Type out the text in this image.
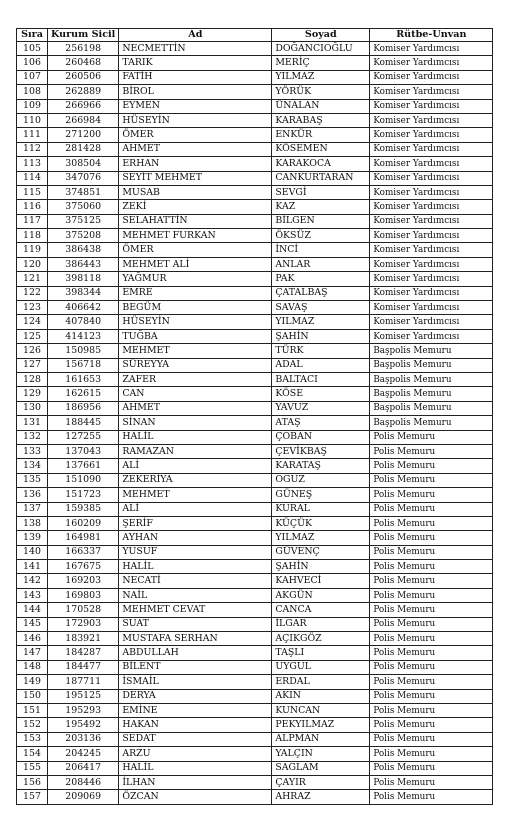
Sıra	Kurum Sicil	Ad	Soyad	Rütbe-Unvan
105	256198	NECMETTİN	DOĞANCIOĞLU	Komiser Yardımcısı
106	260468	TARIK	MERİÇ	Komiser Yardımcısı
107	260506	FATİH	YILMAZ	Komiser Yardımcısı
108	262889	BİROL	YÖRÜK	Komiser Yardımcısı
109	266966	EYMEN	ÜNALAN	Komiser Yardımcısı
110	266984	HÜSEYİN	KARABAŞ	Komiser Yardımcısı
111	271200	ÖMER	ENKÜR	Komiser Yardımcısı
112	281428	AHMET	KÖSEMEN	Komiser Yardımcısı
113	308504	ERHAN	KARAKOCA	Komiser Yardımcısı
114	347076	SEYİT MEHMET	CANKURTARAN	Komiser Yardımcısı
115	374851	MUSAB	SEVGİ	Komiser Yardımcısı
116	375060	ZEKİ	KAZ	Komiser Yardımcısı
117	375125	SELAHATTİN	BİLGEN	Komiser Yardımcısı
118	375208	MEHMET FURKAN	ÖKSÜZ	Komiser Yardımcısı
119	386438	ÖMER	İNCİ	Komiser Yardımcısı
120	386443	MEHMET ALİ	ANLAR	Komiser Yardımcısı
121	398118	YAĞMUR	PAK	Komiser Yardımcısı
122	398344	EMRE	ÇATALBAŞ	Komiser Yardımcısı
123	406642	BEGÜM	SAVAŞ	Komiser Yardımcısı
124	407840	HÜSEYİN	YILMAZ	Komiser Yardımcısı
125	414123	TUĞBA	ŞAHİN	Komiser Yardımcısı
126	150985	MEHMET	TÜRK	Başpolis Memuru
127	156718	SÜREYYA	ADAL	Başpolis Memuru
128	161653	ZAFER	BALTACI	Başpolis Memuru
129	162615	CAN	KÖSE	Başpolis Memuru
130	186956	AHMET	YAVUZ	Başpolis Memuru
131	188445	SİNAN	ATAŞ	Başpolis Memuru
132	127255	HALİL	ÇOBAN	Polis Memuru
133	137043	RAMAZAN	ÇEVİKBAŞ	Polis Memuru
134	137661	ALİ	KARATAŞ	Polis Memuru
135	151090	ZEKERİYA	OĞUZ	Polis Memuru
136	151723	MEHMET	GÜNEŞ	Polis Memuru
137	159385	ALİ	KURAL	Polis Memuru
138	160209	ŞERİF	KÜÇÜK	Polis Memuru
139	164981	AYHAN	YILMAZ	Polis Memuru
140	166337	YUSUF	GÜVENÇ	Polis Memuru
141	167675	HALİL	ŞAHİN	Polis Memuru
142	169203	NECATİ	KAHVECİ	Polis Memuru
143	169803	NAİL	AKGÜN	Polis Memuru
144	170528	MEHMET CEVAT	CANCA	Polis Memuru
145	172903	SUAT	İLGAR	Polis Memuru
146	183921	MUSTAFA SERHAN	AÇIKGÖZ	Polis Memuru
147	184287	ABDULLAH	TAŞLI	Polis Memuru
148	184477	BİLENT	UYGUL	Polis Memuru
149	187711	İSMAİL	ERDAL	Polis Memuru
150	195125	DERYA	AKIN	Polis Memuru
151	195293	EMİNE	KUNCAN	Polis Memuru
152	195492	HAKAN	PEKYILMAZ	Polis Memuru
153	203136	SEDAT	ALPMAN	Polis Memuru
154	204245	ARZU	YALÇIN	Polis Memuru
155	206417	HALİL	SAĞLAM	Polis Memuru
156	208446	İLHAN	ÇAYIR	Polis Memuru
157	209069	ÖZCAN	AHRAZ	Polis Memuru
